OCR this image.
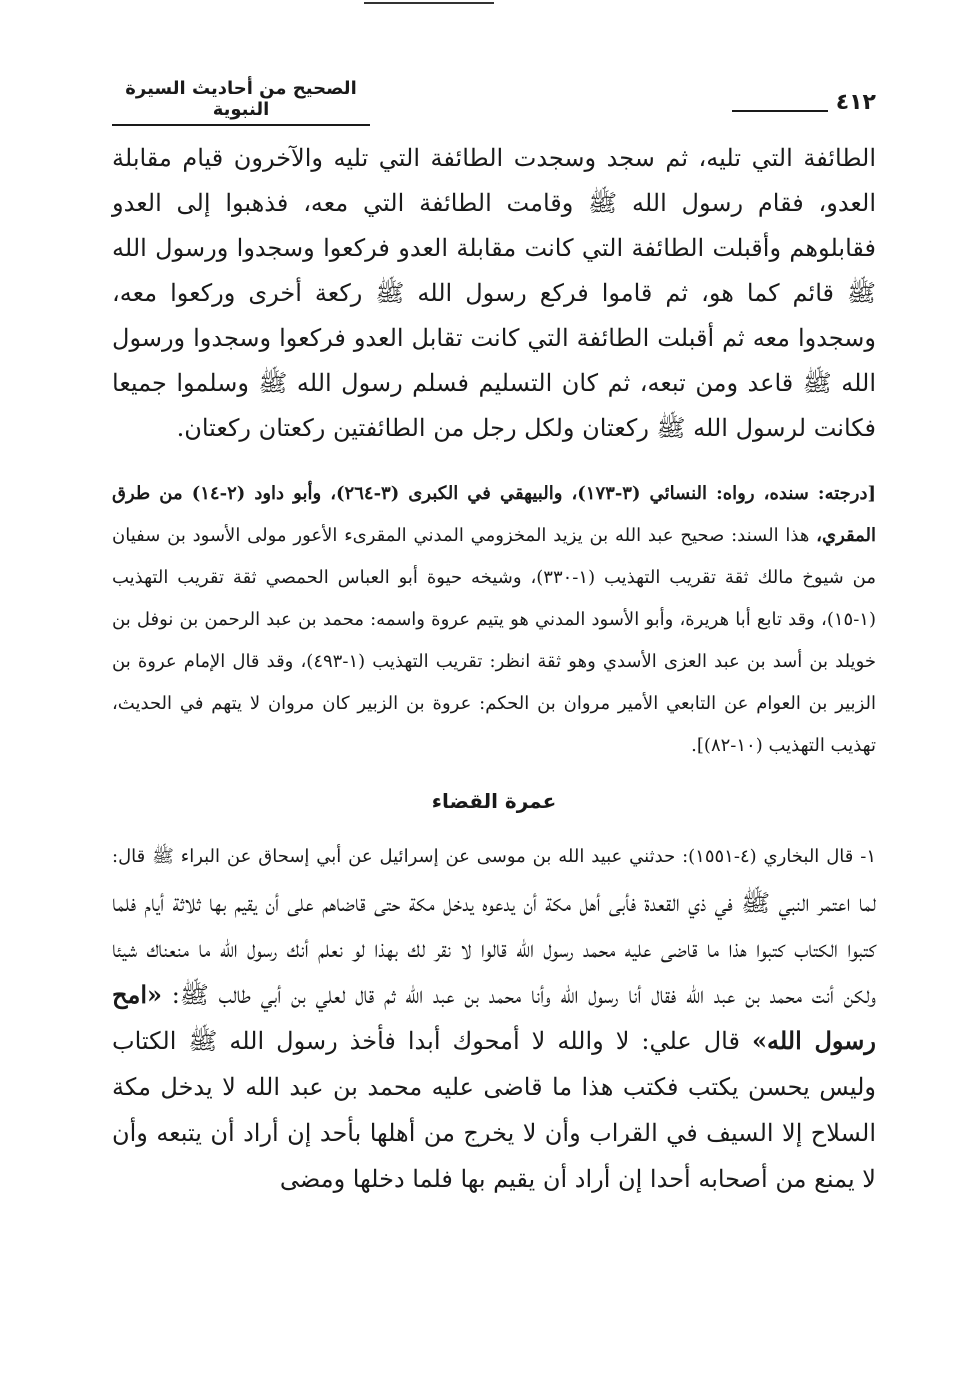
٤١٢
الصحيح من أحاديث السيرة النبوية

الطائفة التي تليه، ثم سجد وسجدت الطائفة التي تليه والآخرون قيام مقابلة العدو، فقام رسول الله ﷺ وقامت الطائفة التي معه، فذهبوا إلى العدو فقابلوهم وأقبلت الطائفة التي كانت مقابلة العدو فركعوا وسجدوا ورسول الله ﷺ قائم كما هو، ثم قاموا فركع رسول الله ﷺ ركعة أخرى وركعوا معه، وسجدوا معه ثم أقبلت الطائفة التي كانت تقابل العدو فركعوا وسجدوا ورسول الله ﷺ قاعد ومن تبعه، ثم كان التسليم فسلم رسول الله ﷺ وسلموا جميعا فكانت لرسول الله ﷺ ركعتان ولكل رجل من الطائفتين ركعتان ركعتان.

[درجته: سنده، رواه: النسائي (٣-١٧٣)، والبيهقي في الكبرى (٣-٢٦٤)، وأبو داود (٢-١٤) من طرق المقري، هذا السند: صحيح عبد الله بن يزيد المخزومي المدني المقرىء الأعور مولى الأسود بن سفيان من شيوخ مالك ثقة تقريب التهذيب (١-٣٣٠)، وشيخه حيوة أبو العباس الحمصي ثقة تقريب التهذيب (١-١٥)، وقد تابع أبا هريرة، وأبو الأسود المدني هو يتيم عروة واسمه: محمد بن عبد الرحمن بن نوفل بن خويلد بن أسد بن عبد العزى الأسدي وهو ثقة انظر: تقريب التهذيب (١-٤٩٣)، وقد قال الإمام عروة بن الزبير بن العوام عن التابعي الأمير مروان بن الحكم: عروة بن الزبير كان مروان لا يتهم في الحديث، تهذيب التهذيب (١٠-٨٢)].

عمرة القضاء

١- قال البخاري (٤-١٥٥١): حدثني عبيد الله بن موسى عن إسرائيل عن أبي إسحاق عن البراء ﷺ قال: لما اعتمر النبي ﷺ في ذي القعدة فأبى أهل مكة أن يدعوه يدخل مكة حتى قاضاهم على أن يقيم بها ثلاثة أيام فلما كتبوا الكتاب كتبوا هذا ما قاضى عليه محمد رسول الله قالوا لا نقر لك بهذا لو نعلم أنك رسول الله ما منعناك شيئا ولكن أنت محمد بن عبد الله فقال أنا رسول الله وأنا محمد بن عبد الله ثم قال لعلي بن أبي طالب ﷺ: «امح رسول الله» قال علي: لا والله لا أمحوك أبدا فأخذ رسول الله ﷺ الكتاب وليس يحسن يكتب فكتب هذا ما قاضى عليه محمد بن عبد الله لا يدخل مكة السلاح إلا السيف في القراب وأن لا يخرج من أهلها بأحد إن أراد أن يتبعه وأن لا يمنع من أصحابه أحدا إن أراد أن يقيم بها فلما دخلها ومضى
